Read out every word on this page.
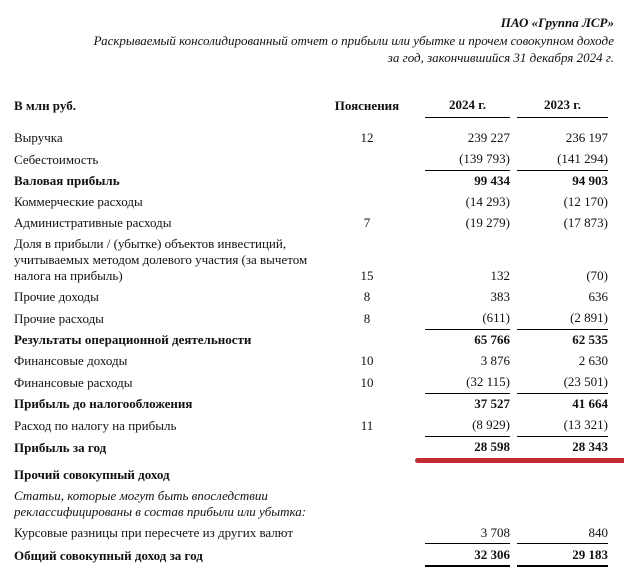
ПАО «Группа ЛСР»
Раскрываемый консолидированный отчет о прибыли или убытке и прочем совокупном доходе
за год, закончившийся 31 декабря 2024 г.
В млн руб.	Пояснения		2024 г.		2023 г.
Выручка	12		239 227		236 197
Себестоимость			(139 793)		(141 294)
Валовая прибыль			99 434		94 903
Коммерческие расходы			(14 293)		(12 170)
Административные расходы	7		(19 279)		(17 873)
Доля в прибыли / (убытке) объектов инвестиций, учитываемых методом долевого участия (за вычетом налога на прибыль)	15		132		(70)
Прочие доходы	8		383		636
Прочие расходы	8		(611)		(2 891)
Результаты операционной деятельности			65 766		62 535
Финансовые доходы	10		3 876		2 630
Финансовые расходы	10		(32 115)		(23 501)
Прибыль до налогообложения			37 527		41 664
Расход по налогу на прибыль	11		(8 929)		(13 321)
Прибыль за год			28 598		28 343

Прочий совокупный доход					
Статьи, которые могут быть впоследствии реклассифицированы в состав прибыли или убытка:					
Курсовые разницы при пересчете из других валют			3 708		840
Общий совокупный доход за год			32 306		29 183
